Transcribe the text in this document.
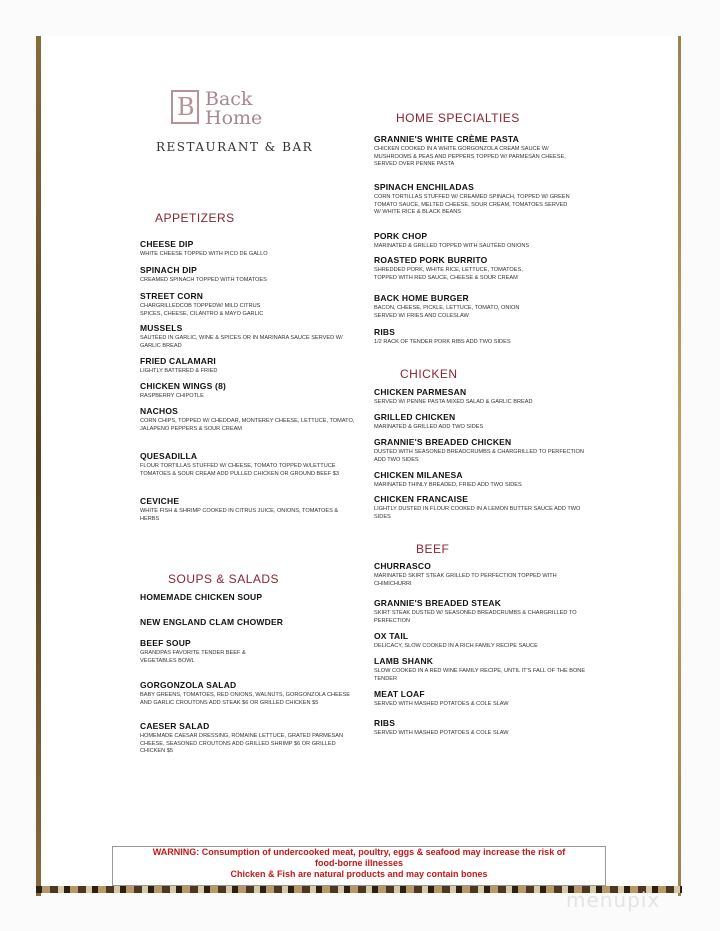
B Back
Home
RESTAURANT & BAR
APPETIZERS
SOUPS & SALADS
HOME SPECIALTIES
CHICKEN
BEEF
CHEESE DIP
WHITE CHEESE TOPPED WITH PICO DE GALLO
SPINACH DIP
CREAMED SPINACH TOPPED WITH TOMATOES
STREET CORN
CHARGRILLEDCOB TOPPEDW/ MILD CITRUS SPICES, CHEESE, CILANTRO & MAYO GARLIC
MUSSELS
SAUTÉED IN GARLIC, WINE & SPICES OR IN MARINARA SAUCE SERVED W/ GARLIC BREAD
FRIED CALAMARI
LIGHTLY BATTERED & FRIED
CHICKEN WINGS (8)
RASPBERRY CHIPOTLE
NACHOS
CORN CHIPS, TOPPED W/ CHEDDAR, MONTEREY CHEESE, LETTUCE, TOMATO, JALAPENO PEPPERS & SOUR CREAM
QUESADILLA
FLOUR TORTILLAS STUFFED W/ CHEESE, TOMATO TOPPED W/LETTUCE TOMATOES & SOUR CREAM ADD PULLED CHICKEN OR GROUND BEEF $3
CEVICHE
WHITE FISH & SHRIMP COOKED IN CITRUS JUICE, ONIONS, TOMATOES & HERBS
HOMEMADE CHICKEN SOUP
NEW ENGLAND CLAM CHOWDER
BEEF SOUP
GRANDPAS FAVORITE TENDER BEEF & VEGETABLES BOWL
GORGONZOLA SALAD
BABY GREENS, TOMATOES, RED ONIONS, WALNUTS, GORGONZOLA CHEESE AND GARLIC CROUTONS ADD STEAK $6 OR GRILLED CHICKEN $5
CAESER SALAD
HOMEMADE CAESAR DRESSING, ROMAINE LETTUCE, GRATED PARMESAN CHEESE, SEASONED CROUTONS ADD GRILLED SHRIMP $6 OR GRILLED CHICKEN $5
GRANNIE'S WHITE CRÈME PASTA
CHICKEN COOKED IN A WHITE GORGONZOLA CREAM SAUCE W/ MUSHROOMS & PEAS AND PEPPERS TOPPED W/ PARMESAN CHEESE, SERVED OVER PENNE PASTA
SPINACH ENCHILADAS
CORN TORTILLAS STUFFED W/ CREAMED SPINACH, TOPPED W/ GREEN TOMATO SAUCE, MELTED CHEESE, SOUR CREAM, TOMATOES SERVED W/ WHITE RICE & BLACK BEANS
PORK CHOP
MARINATED & GRILLED TOPPED WITH SAUTÉED ONIONS
ROASTED PORK BURRITO
SHREDDED PORK, WHITE RICE, LETTUCE, TOMATOES, TOPPED WITH RED SAUCE, CHEESE & SOUR CREAM
BACK HOME BURGER
BACON, CHEESE, PICKLE, LETTUCE, TOMATO, ONION SERVED W/ FRIES AND COLESLAW
RIBS
1/2 RACK OF TENDER PORK RIBS ADD TWO SIDES
CHICKEN PARMESAN
SERVED W/ PENNE PASTA MIXED SALAD & GARLIC BREAD
GRILLED CHICKEN
MARINATED & GRILLED ADD TWO SIDES
GRANNIE'S BREADED CHICKEN
DUSTED WITH SEASONED BREADCRUMBS & CHARGRILLED TO PERFECTION ADD TWO SIDES
CHICKEN MILANESA
MARINATED THINLY BREADED, FRIED ADD TWO SIDES
CHICKEN FRANCAISE
LIGHTLY DUSTED IN FLOUR COOKED IN A LEMON BUTTER SAUCE ADD TWO SIDES
CHURRASCO
MARINATED SKIRT STEAK GRILLED TO PERFECTION TOPPED WITH CHIMICHURRI
GRANNIE'S BREADED STEAK
SKIRT STEAK DUSTED W/ SEASONED BREADCRUMBS & CHARGRILLED TO PERFECTION
OX TAIL
DELICACY, SLOW COOKED IN A RICH FAMILY RECIPE SAUCE
LAMB SHANK
SLOW COOKED IN A RED WINE FAMILY RECIPE, UNTIL IT'S FALL OF THE BONE TENDER
MEAT LOAF
SERVED WITH MASHED POTATOES & COLE SLAW
RIBS
SERVED WITH MASHED POTATOES & COLE SLAW
WARNING: Consumption of undercooked meat, poultry, eggs & seafood may increase the risk of
food-borne illnesses
Chicken & Fish are natural products and may contain bones
menupix
